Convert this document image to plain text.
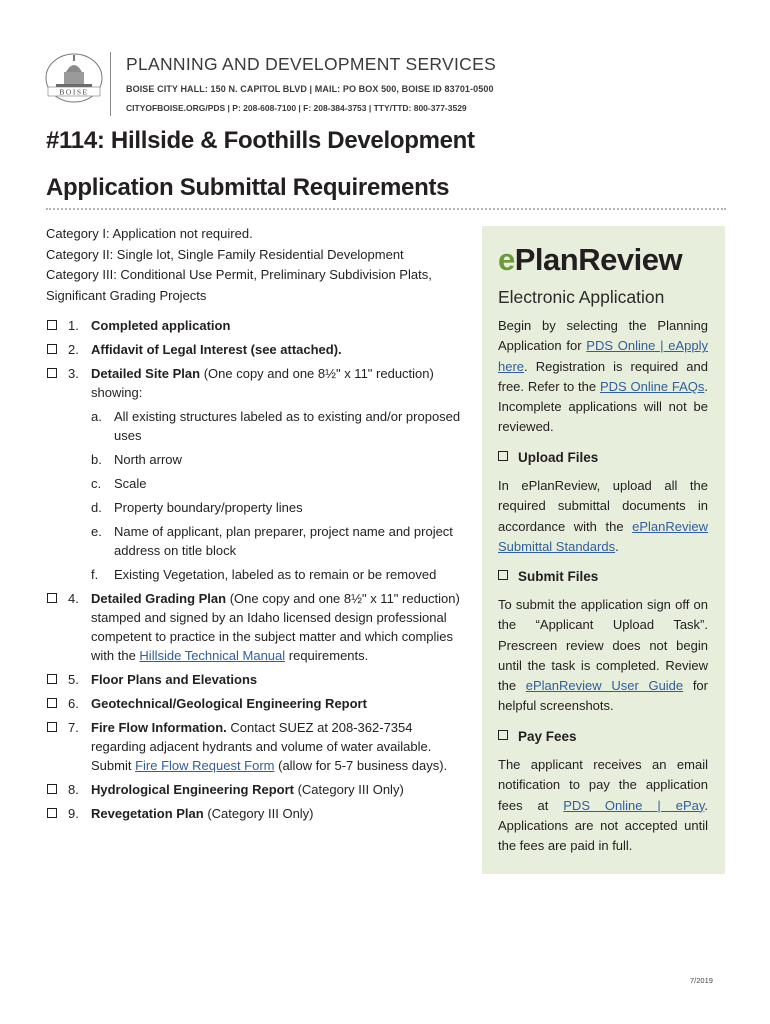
BOISE
PLANNING AND DEVELOPMENT SERVICES
BOISE CITY HALL: 150 N. CAPITOL BLVD | MAIL: PO BOX 500, BOISE ID 83701-0500
CITYOFBOISE.ORG/PDS | P: 208-608-7100 | F: 208-384-3753 | TTY/TTD: 800-377-3529
#114: Hillside & Foothills Development
Application Submittal Requirements
Category I: Application not required.
Category II: Single lot, Single Family Residential Development
Category III: Conditional Use Permit, Preliminary Subdivision Plats, Significant Grading Projects
1. Completed application
2. Affidavit of Legal Interest (see attached).
3. Detailed Site Plan (One copy and one 8½" x 11" reduction) showing:
a. All existing structures labeled as to existing and/or proposed uses
b. North arrow
c. Scale
d. Property boundary/property lines
e. Name of applicant, plan preparer, project name and project address on title block
f. Existing Vegetation, labeled as to remain or be removed
4. Detailed Grading Plan (One copy and one 8½" x 11" reduction) stamped and signed by an Idaho licensed design professional competent to practice in the subject matter and which complies with the Hillside Technical Manual requirements.
5. Floor Plans and Elevations
6. Geotechnical/Geological Engineering Report
7. Fire Flow Information. Contact SUEZ at 208-362-7354 regarding adjacent hydrants and volume of water available. Submit Fire Flow Request Form (allow for 5-7 business days).
8. Hydrological Engineering Report (Category III Only)
9. Revegetation Plan (Category III Only)
ePlanReview
Electronic Application
Begin by selecting the Planning Application for PDS Online | eApply here. Registration is required and free. Refer to the PDS Online FAQs. Incomplete applications will not be reviewed.
Upload Files
In ePlanReview, upload all the required submittal documents in accordance with the ePlanReview Submittal Standards.
Submit Files
To submit the application sign off on the “Applicant Upload Task”. Prescreen review does not begin until the task is completed. Review the ePlanReview User Guide for helpful screenshots.
Pay Fees
The applicant receives an email notification to pay the application fees at PDS Online | ePay. Applications are not accepted until the fees are paid in full.
7/2019
